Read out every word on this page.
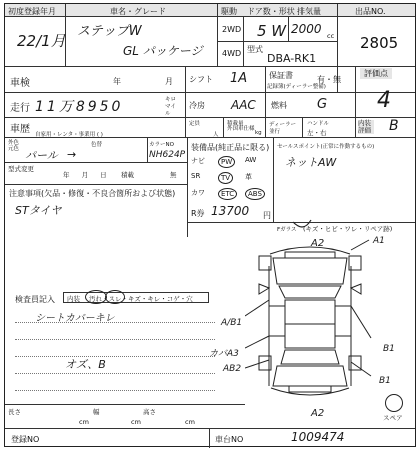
初度登録年月
22/1月
車名・グレード
ステップW
GL パッケージ
駆動
2WD
4WD
ドア数・形状
5 W
排気量
2000 cc
型式
DBA-RK1
出品NO.
2805
車検	年	月 シフト 1A	保証書
記録簿(ディーラー整備)
有・無
評価点
4
走行 11万8950	キロ マイル
冷房 AAC 燃料 G
内装 評価 B
車歴 自家用・レンタ・事業用 ( )
定員
人
積載量
kg
外国車仕様
ディーラー 並行
ハンドル
左・右
外色 元色 パール →
色替	カラーNO
NH624P
型式変更
年 月 日 積載	無
装備品(純正品に限る)
ナビ	PW	AW
SR	TV	革
カワ	ETC	ABS
R券 13700 円
セールスポイント(正常に作動するもの)
ネットAW
Fガラス (キズ・ヒビ・ワレ・リペア跡)
注意事項(欠品・修復・不良合箇所および状態)
STタイヤ
検査員記入 内装 汚れ・スレ・キズ・キレ・コゲ・穴
シートカバーキレ
オズ、B
A2
A2
A/B1
カバA3
AB2
B1
B1
A1
スペア
長さ
cm
幅
cm
高さ
cm
登録NO	車台NO	1009474
